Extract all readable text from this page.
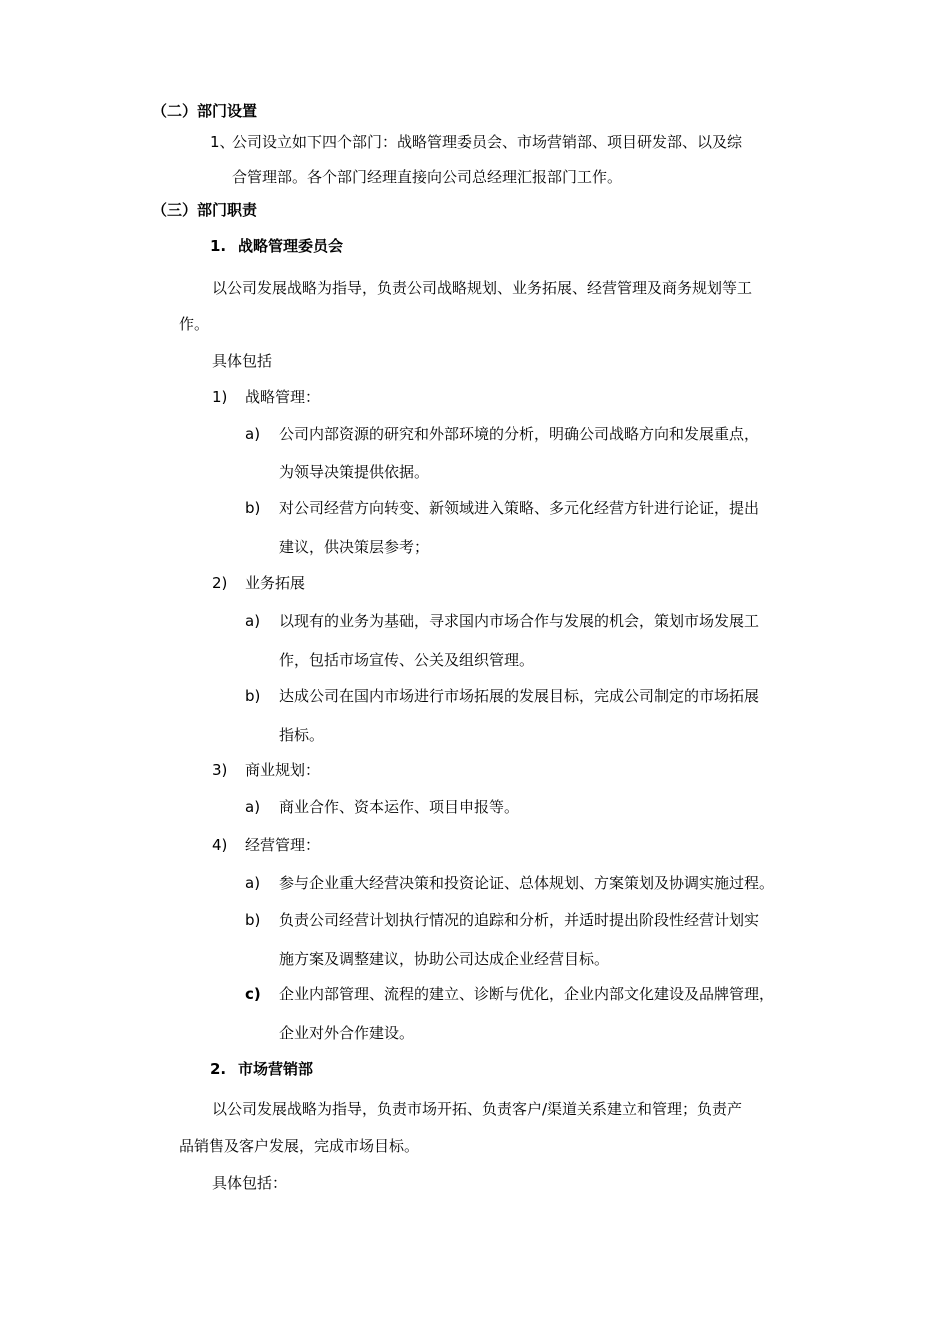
（二）部门设置
1、
公司设立如下四个部门：战略管理委员会、市场营销部、项目研发部、以及综
合管理部。各个部门经理直接向公司总经理汇报部门工作。
（三）部门职责
1. 战略管理委员会
以公司发展战略为指导，负责公司战略规划、业务拓展、经营管理及商务规划等工
作。
具体包括
1) 战略管理：
a) 公司内部资源的研究和外部环境的分析，明确公司战略方向和发展重点，
为领导决策提供依据。
b) 对公司经营方向转变、新领域进入策略、多元化经营方针进行论证，提出
建议，供决策层参考；
2) 业务拓展
a) 以现有的业务为基础，寻求国内市场合作与发展的机会，策划市场发展工
作，包括市场宣传、公关及组织管理。
b) 达成公司在国内市场进行市场拓展的发展目标，完成公司制定的市场拓展
指标。
3) 商业规划：
a) 商业合作、资本运作、项目申报等。
4) 经营管理：
a) 参与企业重大经营决策和投资论证、总体规划、方案策划及协调实施过程。
b) 负责公司经营计划执行情况的追踪和分析，并适时提出阶段性经营计划实
施方案及调整建议，协助公司达成企业经营目标。
c) 企业内部管理、流程的建立、诊断与优化，企业内部文化建设及品牌管理，
企业对外合作建设。
2. 市场营销部
以公司发展战略为指导，负责市场开拓、负责客户/渠道关系建立和管理；负责产
品销售及客户发展，完成市场目标。
具体包括：
